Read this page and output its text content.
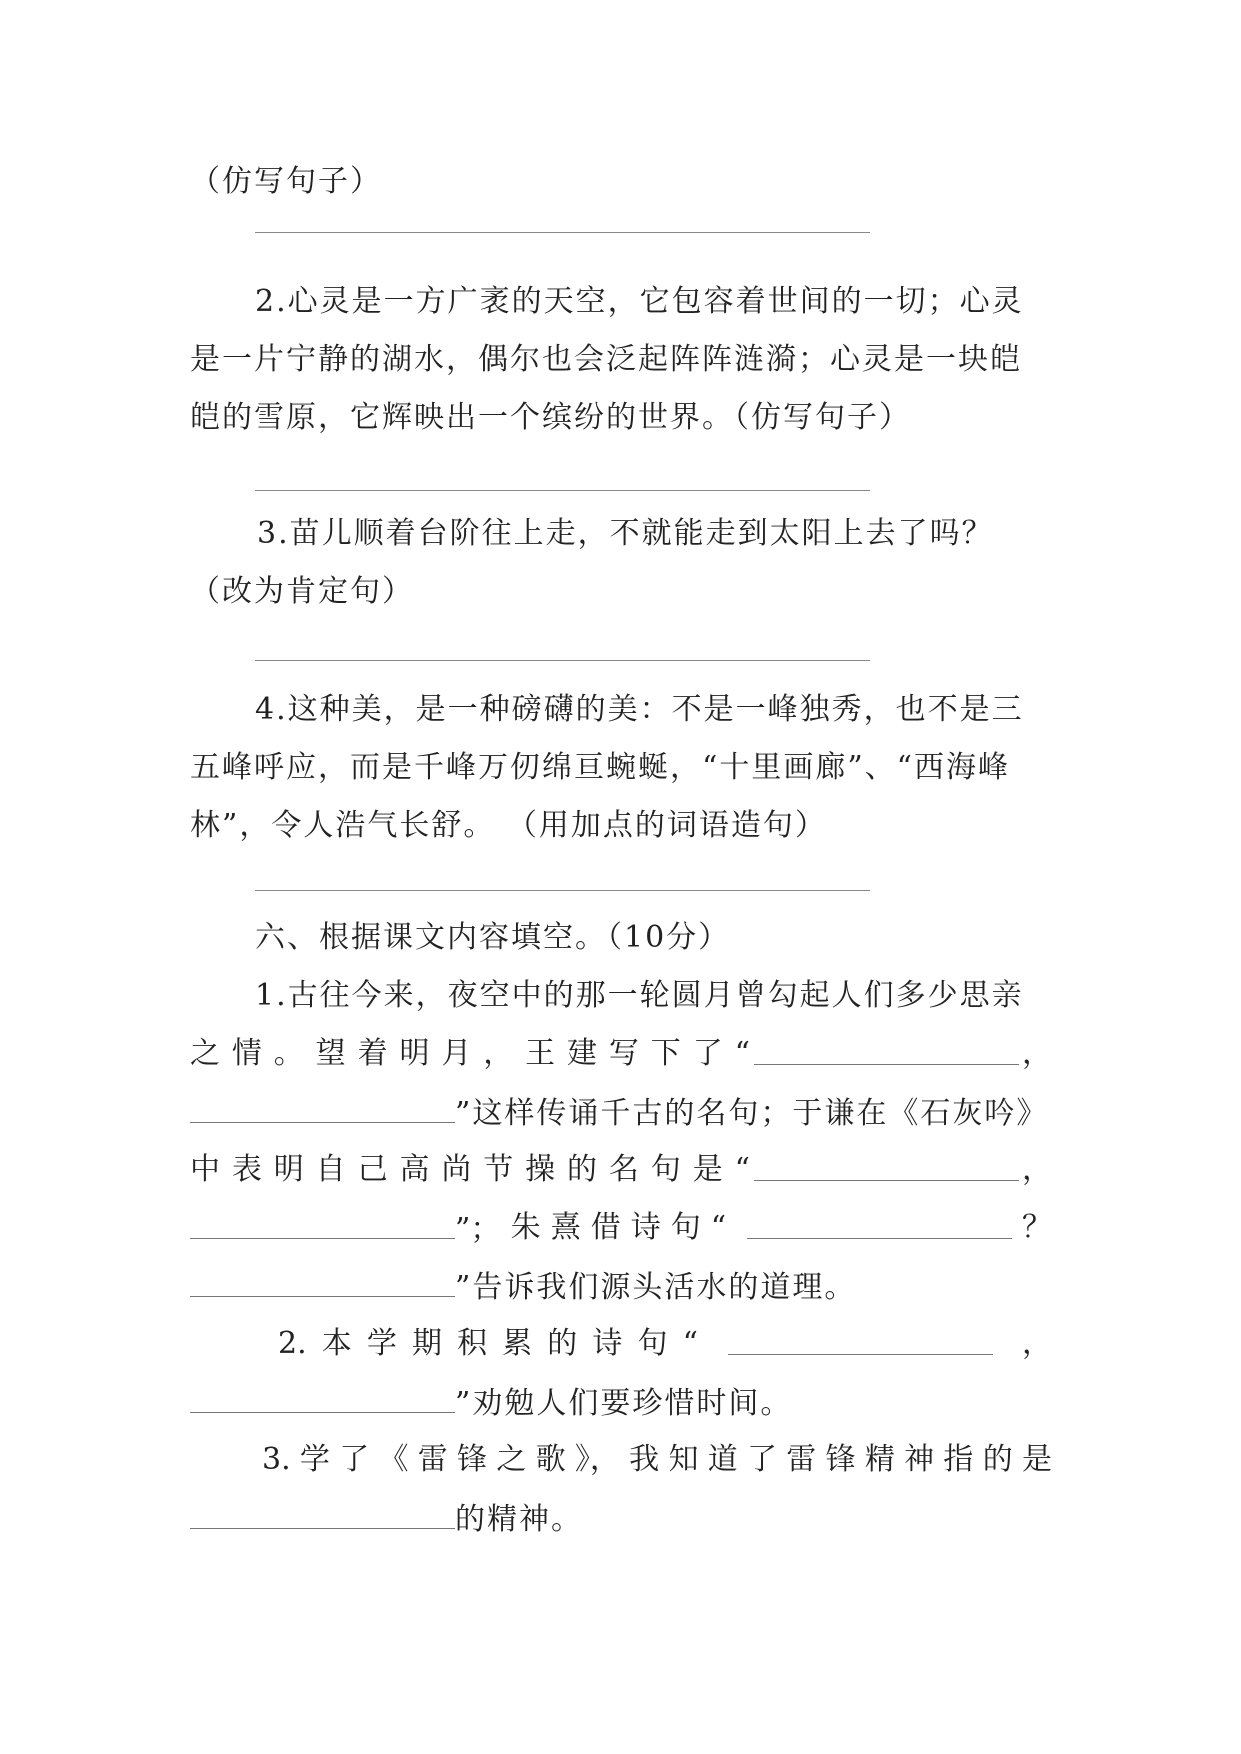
（仿写句子）
2.心灵是一方广袤的天空，它包容着世间的一切；心灵
是一片宁静的湖水，偶尔也会泛起阵阵涟漪；心灵是一块皑
皑的雪原，它辉映出一个缤纷的世界。（仿写句子）
3.苗儿顺着台阶往上走，不就能走到太阳上去了吗？
（改为肯定句）
4.这种美，是一种磅礴的美：不是一峰独秀，也不是三
五峰呼应，而是千峰万仞绵亘蜿蜒，“十里画廊”、“西海峰
林”，令人浩气长舒。 （用加点的词语造句）
六、根据课文内容填空。（10分）
1.古往今来，夜空中的那一轮圆月曾勾起人们多少思亲
之 情 。 望 着 明 月 ， 王 建 写 下 了 “	，
”这样传诵千古的名句；于谦在《石灰吟》
中 表 明 自 己 高 尚 节 操 的 名 句 是 “	，
”； 朱熹借诗句“	？
”告诉我们源头活水的道理。
2. 本 学 期 积 累 的 诗 句 “	，
”劝勉人们要珍惜时间。
3. 学 了 《 雷 锋 之 歌 》， 我 知 道 了 雷 锋 精 神 指 的 是
的精神。
